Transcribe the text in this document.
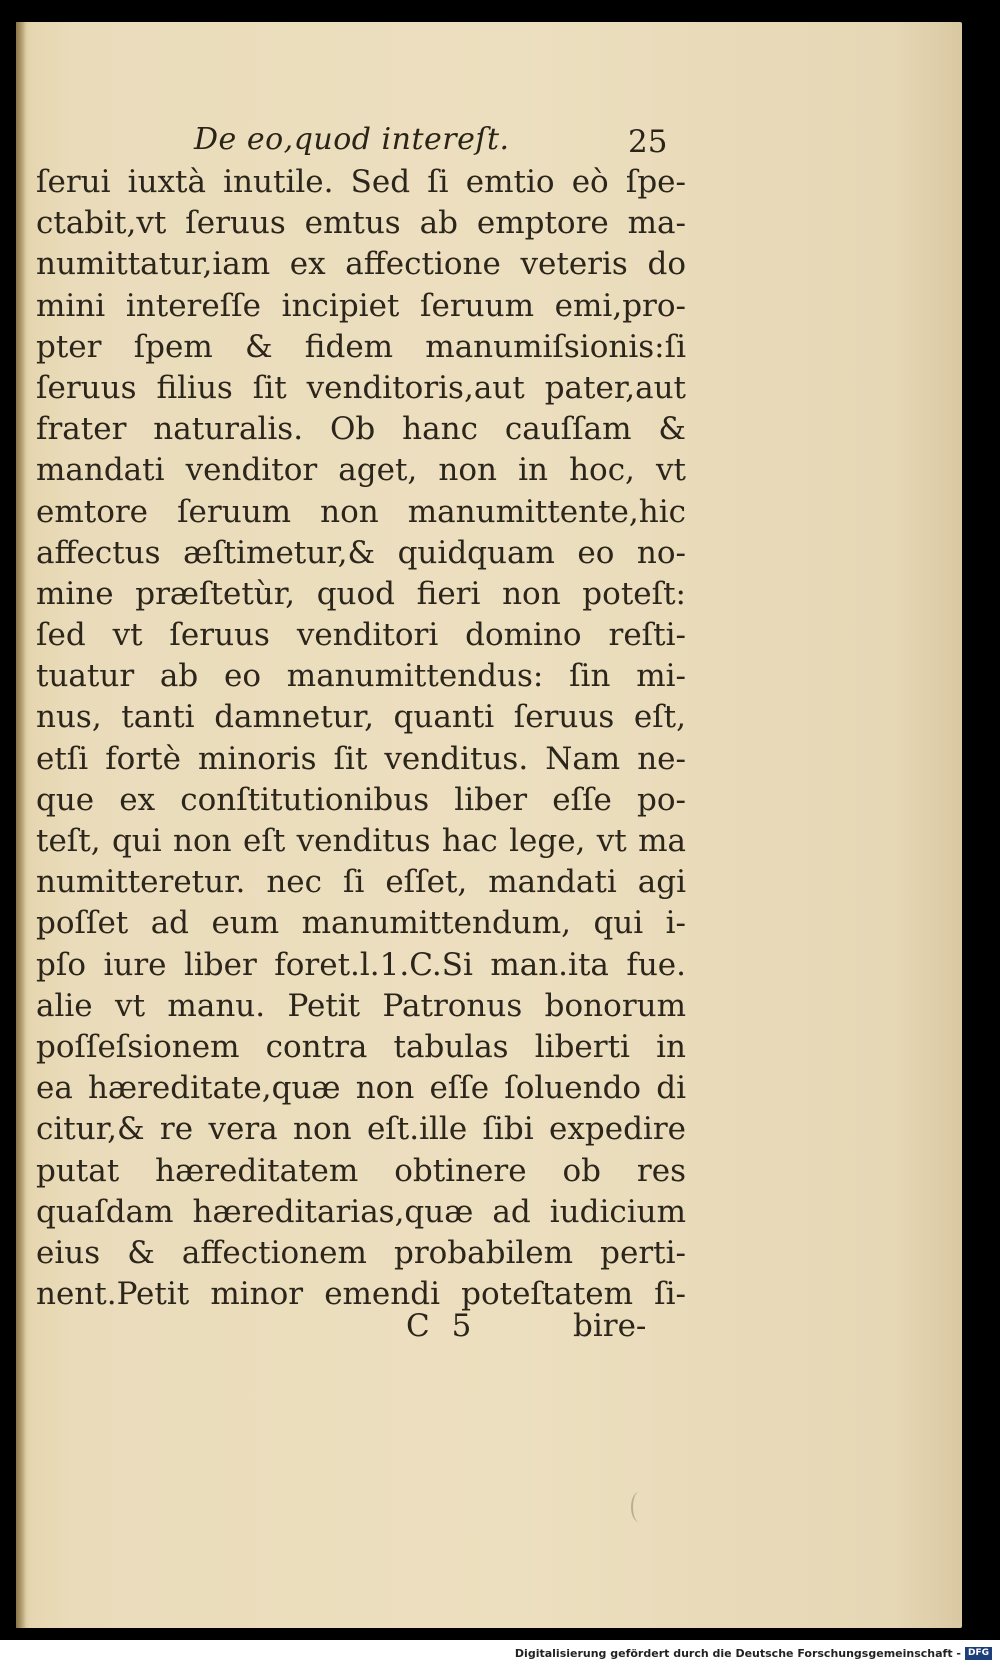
De eo,quod intereſt.	25
ſerui iuxtà inutile. Sed ſi emtio eò ſpe-
ctabit,vt ſeruus emtus ab emptore ma-
numittatur,iam ex affectione veteris do
mini intereſſe incipiet ſeruum emi,pro-
pter ſpem & fidem manumiſsionis:ſi
ſeruus filius ſit venditoris,aut pater,aut
frater naturalis. Ob hanc cauſſam &
mandati venditor aget, non in hoc, vt
emtore ſeruum non manumittente,hic
affectus æſtimetur,& quidquam eo no-
mine præſtetùr, quod fieri non poteſt:
ſed vt ſeruus venditori domino reſti-
tuatur ab eo manumittendus: ſin mi-
nus, tanti damnetur, quanti ſeruus eſt,
etſi fortè minoris ſit venditus. Nam ne-
que ex conſtitutionibus liber eſſe po-
teſt, qui non eſt venditus hac lege, vt ma
numitteretur. nec ſi eſſet, mandati agi
poſſet ad eum manumittendum, qui i-
pſo iure liber foret.l.1.C.Si man.ita fue.
alie vt manu. Petit Patronus bonorum
poſſeſsionem contra tabulas liberti in
ea hæreditate,quæ non eſſe ſoluendo di
citur,& re vera non eſt.ille ſibi expedire
putat hæreditatem obtinere ob res
quaſdam hæreditarias,quæ ad iudicium
eius & affectionem probabilem perti-
nent.Petit minor emendi poteſtatem ſi-
C 5	bire-
Digitalisierung gefördert durch die Deutsche Forschungsgemeinschaft - DFG
